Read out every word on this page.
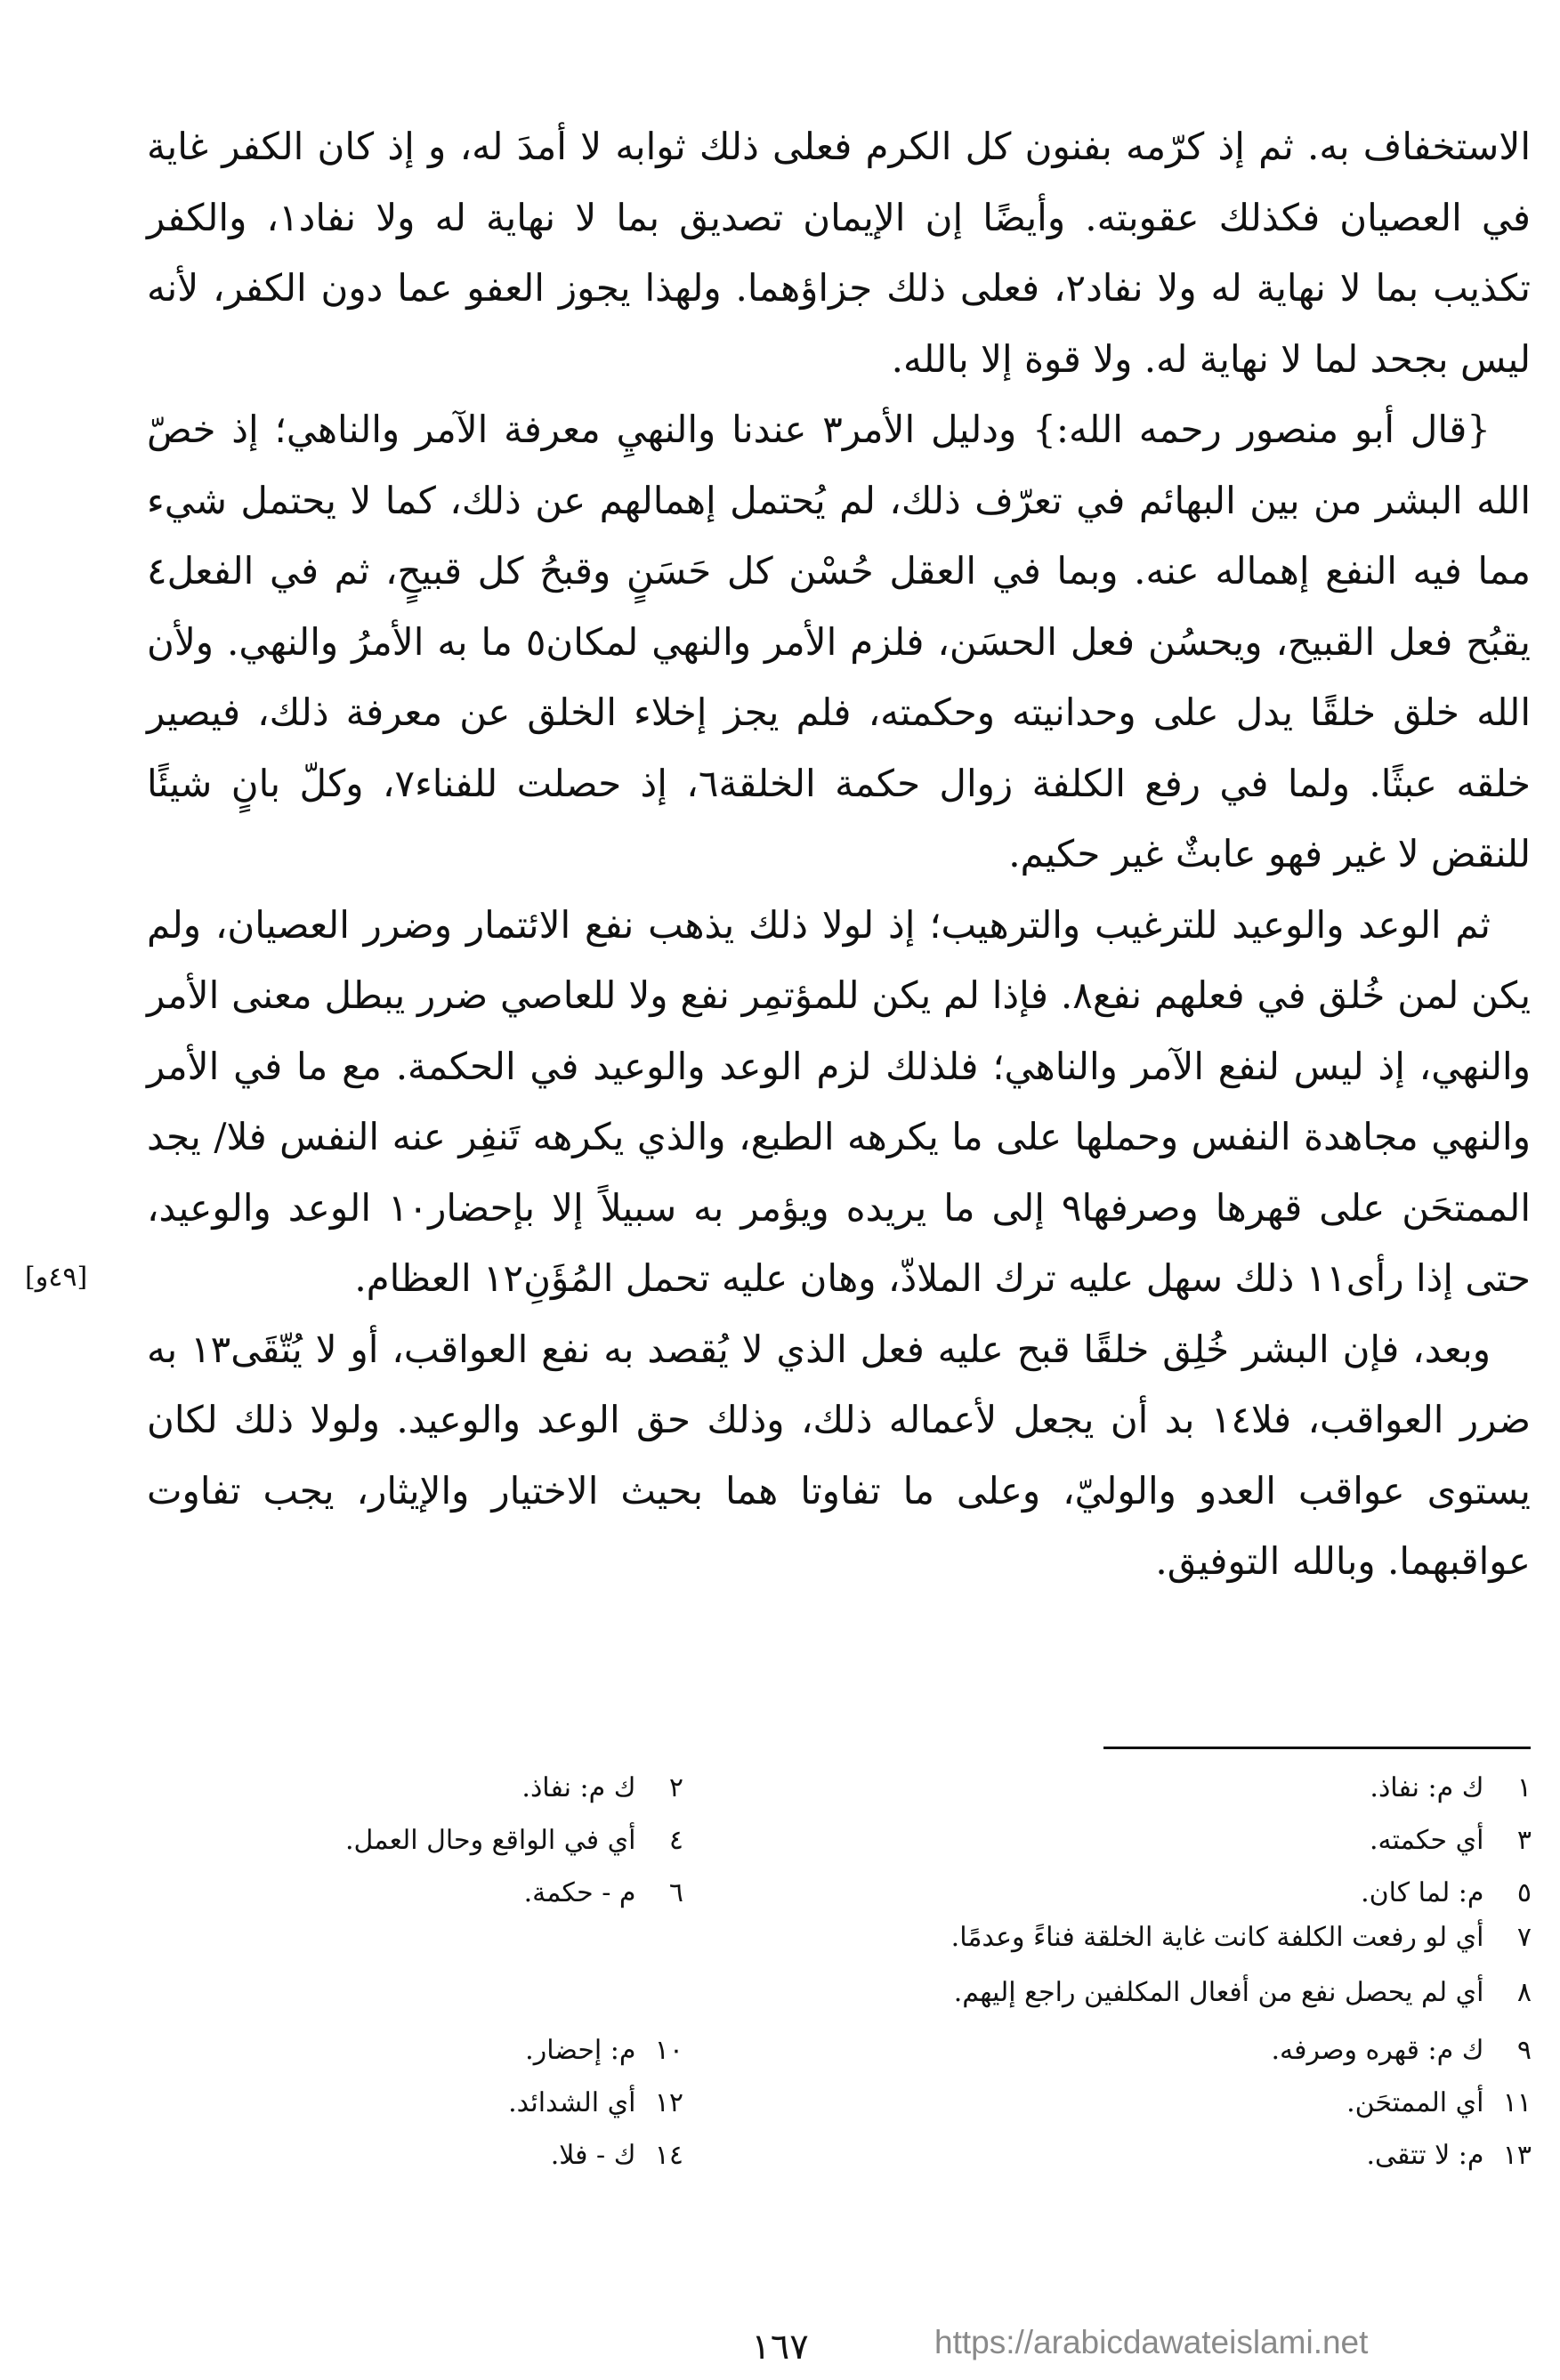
الاستخفاف به. ثم إذ كرّمه بفنون كل الكرم فعلى ذلك ثوابه لا أمدَ له، و إذ كان الكفر غاية في العصيان فكذلك عقوبته. وأيضًا إن الإيمان تصديق بما لا نهاية له ولا نفاد١، والكفر تكذيب بما لا نهاية له ولا نفاد٢، فعلى ذلك جزاؤهما. ولهذا يجوز العفو عما دون الكفر، لأنه ليس بجحد لما لا نهاية له. ولا قوة إلا بالله.

{قال أبو منصور رحمه الله:} ودليل الأمر٣ عندنا والنهيِ معرفة الآمر والناهي؛ إذ خصّ الله البشر من بين البهائم في تعرّف ذلك، لم يُحتمل إهمالهم عن ذلك، كما لا يحتمل شيء مما فيه النفع إهماله عنه. وبما في العقل حُسْن كل حَسَنٍ وقبحُ كل قبيحٍ، ثم في الفعل٤ يقبُح فعل القبيح، ويحسُن فعل الحسَن، فلزم الأمر والنهي لمكان٥ ما به الأمرُ والنهي. ولأن الله خلق خلقًا يدل على وحدانيته وحكمته، فلم يجز إخلاء الخلق عن معرفة ذلك، فيصير خلقه عبثًا. ولما في رفع الكلفة زوال حكمة الخلقة٦، إذ حصلت للفناء٧، وكلّ بانٍ شيئًا للنقض لا غير فهو عابثٌ غير حكيم.

ثم الوعد والوعيد للترغيب والترهيب؛ إذ لولا ذلك يذهب نفع الائتمار وضرر العصيان، ولم يكن لمن خُلق في فعلهم نفع٨. فإذا لم يكن للمؤتمِر نفع ولا للعاصي ضرر يبطل معنى الأمر والنهي، إذ ليس لنفع الآمر والناهي؛ فلذلك لزم الوعد والوعيد في الحكمة. مع ما في الأمر والنهي مجاهدة النفس وحملها على ما يكرهه الطبع، والذي يكرهه تَنفِر عنه النفس فلا/ يجد الممتحَن على قهرها وصرفها٩ إلى ما يريده ويؤمر به سبيلاً إلا بإحضار١٠ الوعد والوعيد، حتى إذا رأى١١ ذلك سهل عليه ترك الملاذّ، وهان عليه تحمل المُؤَنِ١٢ العظام.

وبعد، فإن البشر خُلِق خلقًا قبح عليه فعل الذي لا يُقصد به نفع العواقب، أو لا يُتّقَى١٣ به ضرر العواقب، فلا١٤ بد أن يجعل لأعماله ذلك، وذلك حق الوعد والوعيد. ولولا ذلك لكان يستوى عواقب العدو والوليّ، وعلى ما تفاوتا هما بحيث الاختيار والإيثار، يجب تفاوت عواقبهما. وبالله التوفيق.

[٤٩و]
١ ك م: نفاذ.
٣ أي حكمته.
٥ م: لما كان.
٢ ك م: نفاذ.
٤ أي في الواقع وحال العمل.
٦ م - حكمة.
٧ أي لو رفعت الكلفة كانت غاية الخلقة فناءً وعدمًا.
٨ أي لم يحصل نفع من أفعال المكلفين راجع إليهم.
٩ ك م: قهره وصرفه.
١١ أي الممتحَن.
١٣ م: لا تتقى.
١٠ م: إحضار.
١٢ أي الشدائد.
١٤ ك - فلا.
١٦٧	https://arabicdawateislami.net
